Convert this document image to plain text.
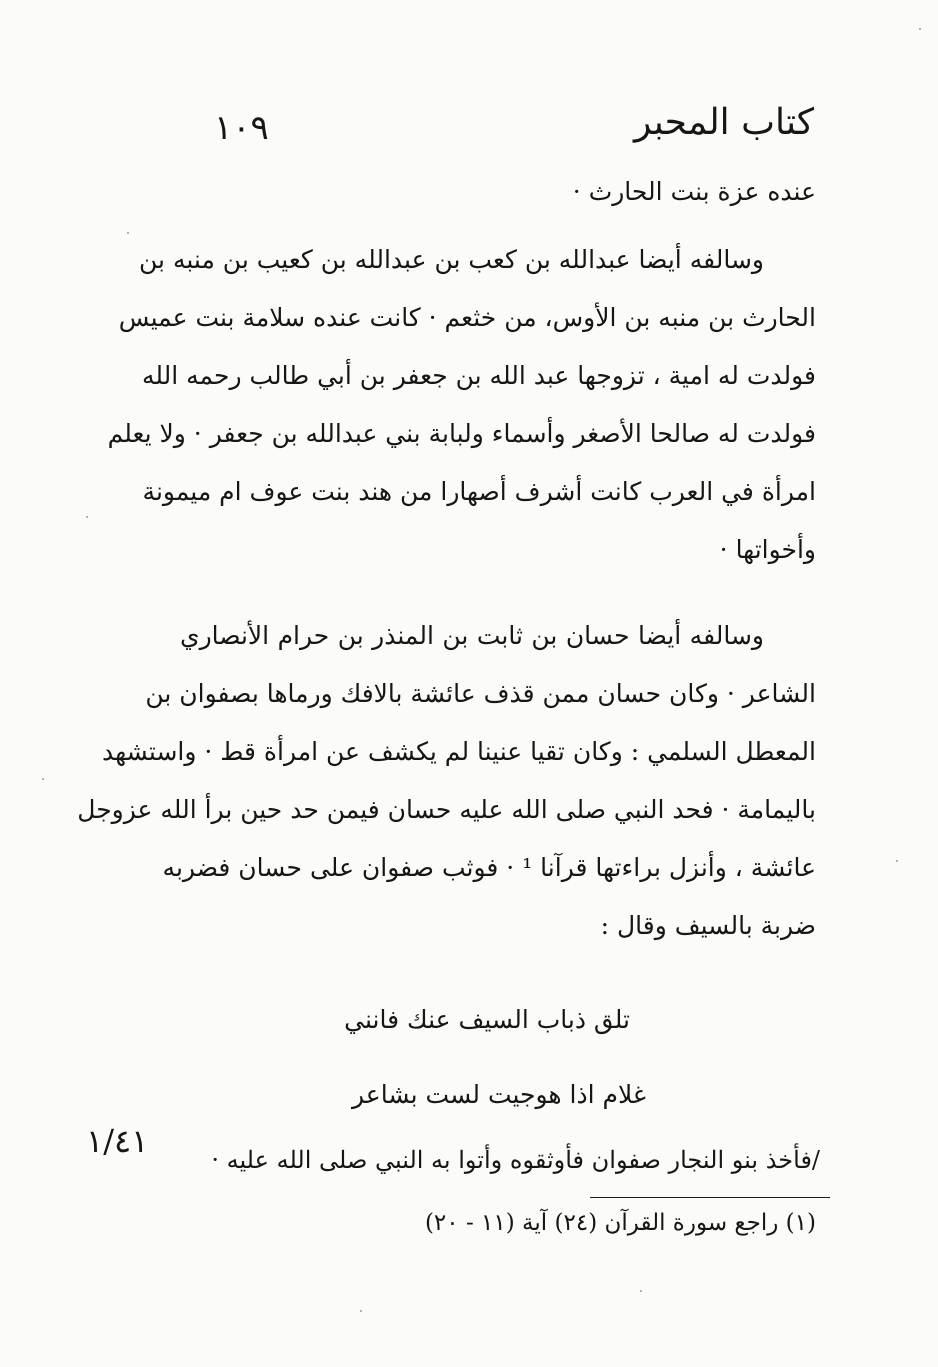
كتاب المحبر
١٠٩
عنده عزة بنت الحارث ·
وسالفه أيضا عبدالله بن كعب بن عبدالله بن كعيب بن منبه بن
الحارث بن منبه بن الأوس، من خثعم · كانت عنده سلامة بنت عميس
فولدت له امية ، تزوجها عبد الله بن جعفر بن أبي طالب رحمه الله
فولدت له صالحا الأصغر وأسماء ولبابة بني عبدالله بن جعفر · ولا يعلم
امرأة في العرب كانت أشرف أصهارا من هند بنت عوف ام ميمونة
وأخواتها ·
وسالفه أيضا حسان بن ثابت بن المنذر بن حرام الأنصاري
الشاعر · وكان حسان ممن قذف عائشة بالافك ورماها بصفوان بن
المعطل السلمي : وكان تقيا عنينا لم يكشف عن امرأة قط · واستشهد
باليمامة · فحد النبي صلى الله عليه حسان فيمن حد حين برأ الله عزوجل
عائشة ، وأنزل براءتها قرآنا ¹ · فوثب صفوان على حسان فضربه
ضربة بالسيف وقال :
تلق ذباب السيف عنك فانني
غلام اذا هوجيت لست بشاعر
/فأخذ بنو النجار صفوان فأوثقوه وأتوا به النبي صلى الله عليه ·
١/٤١
(١) راجع سورة القرآن (٢٤) آية (١١ - ٢٠)
